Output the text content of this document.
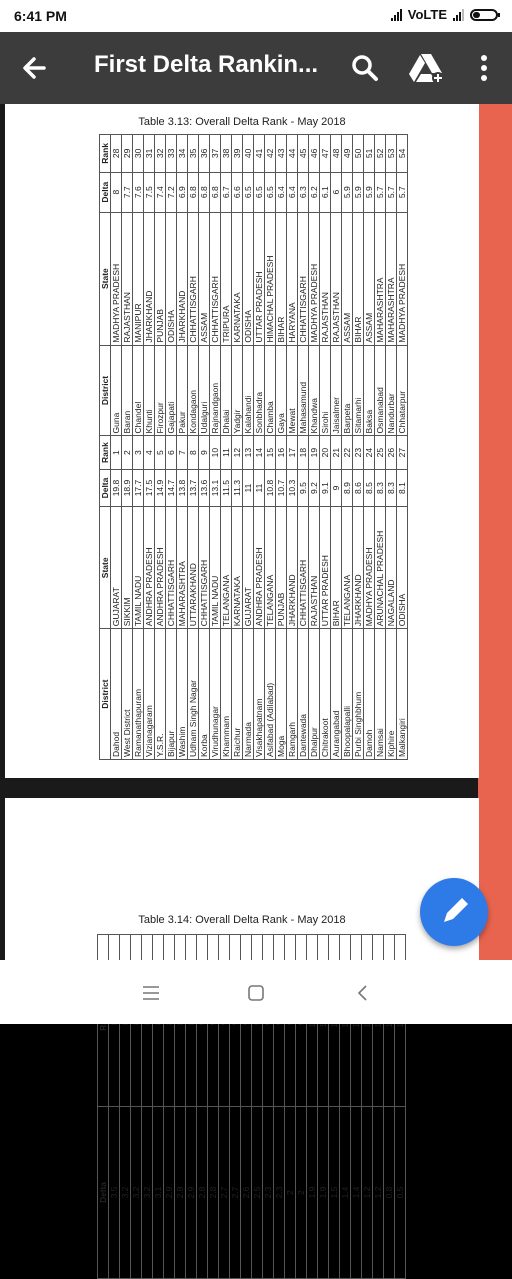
6:41 PM	VoLTE
First Delta Rankin...
Table 3.13: Overall Delta Rank - May 2018
District	State	Delta	Rank	District	State	Delta	Rank
Dahod	GUJARAT	19.8	1	Guna	MADHYA PRADESH	8	28
West District	SIKKIM	18.9	2	Baran	RAJASTHAN	7.7	29
Ramanathapuram	TAMIL NADU	17.7	3	Chandel	MANIPUR	7.6	30
Vizianagaram	ANDHRA PRADESH	17.5	4	Khunti	JHARKHAND	7.5	31
Y.S.R.	ANDHRA PRADESH	14.9	5	Firozpur	PUNJAB	7.4	32
Bijapur	CHHATTISGARH	14.7	6	Gajapati	ODISHA	7.2	33
Washim	MAHARASHTRA	13.8	7	Pakur	JHARKHAND	6.9	34
Udham Singh Nagar	UTTARAKHAND	13.7	8	Kondagaon	CHHATTISGARH	6.8	35
Korba	CHHATTISGARH	13.6	9	Udalguri	ASSAM	6.8	36
Virudhunagar	TAMIL NADU	13.1	10	Rajnandgaon	CHHATTISGARH	6.8	37
Khammam	TELANGANA	11.5	11	Dhalai	TRIPURA	6.7	38
Raichur	KARNATAKA	11.3	12	Yadgir	KARNATAKA	6.6	39
Narmada	GUJARAT	11	13	Kalahandi	ODISHA	6.5	40
Visakhapatnam	ANDHRA PRADESH	11	14	Sonbhadra	UTTAR PRADESH	6.5	41
Asifabad (Adilabad)	TELANGANA	10.8	15	Chamba	HIMACHAL PRADESH	6.5	42
Moga	PUNJAB	10.7	16	Gaya	BIHAR	6.4	43
Ramgarh	JHARKHAND	10.3	17	Mewat	HARYANA	6.4	44
Dantewada	CHHATTISGARH	9.5	18	Mahasamund	CHHATTISGARH	6.3	45
Dhalpur	RAJASTHAN	9.2	19	Khandwa	MADHYA PRADESH	6.2	46
Chitrakoot	UTTAR PRADESH	9.1	20	Sirohi	RAJASTHAN	6.1	47
Aurangabad	BIHAR	9	21	Jaisalmer	RAJASTHAN	6	48
Bhoopalapalli	TELANGANA	8.9	22	Barpeta	ASSAM	5.9	49
Purbi Singhbhum	JHARKHAND	8.6	23	Sitamarhi	BIHAR	5.9	50
Damoh	MADHYA PRADESH	8.5	24	Baksa	ASSAM	5.9	51
Namsai	ARUNACHAL PRADESH	8.3	25	Osmanabad	MAHARASHTRA	5.7	52
Kiphire	NAGALAND	8.3	26	Nandurbar	MAHARASHTRA	5.7	53
Malkangiri	ODISHA	8.1	27	Chhatarpur	MADHYA PRADESH	5.7	54
Table 3.14: Overall Delta Rank - May 2018
Delta	
3.5	
3.2	
3.2	
3.2	
3.1	
2.9	
2.9	
2.9	
2.8	
2.8	
2.7	
2.7	
2.6	
2.5	
2.3	
2.3	
2	
2	
1.9	
1.9	
1.5	
1.4	
1.4	
1.2	
1.2	
0.8	
0.5	
